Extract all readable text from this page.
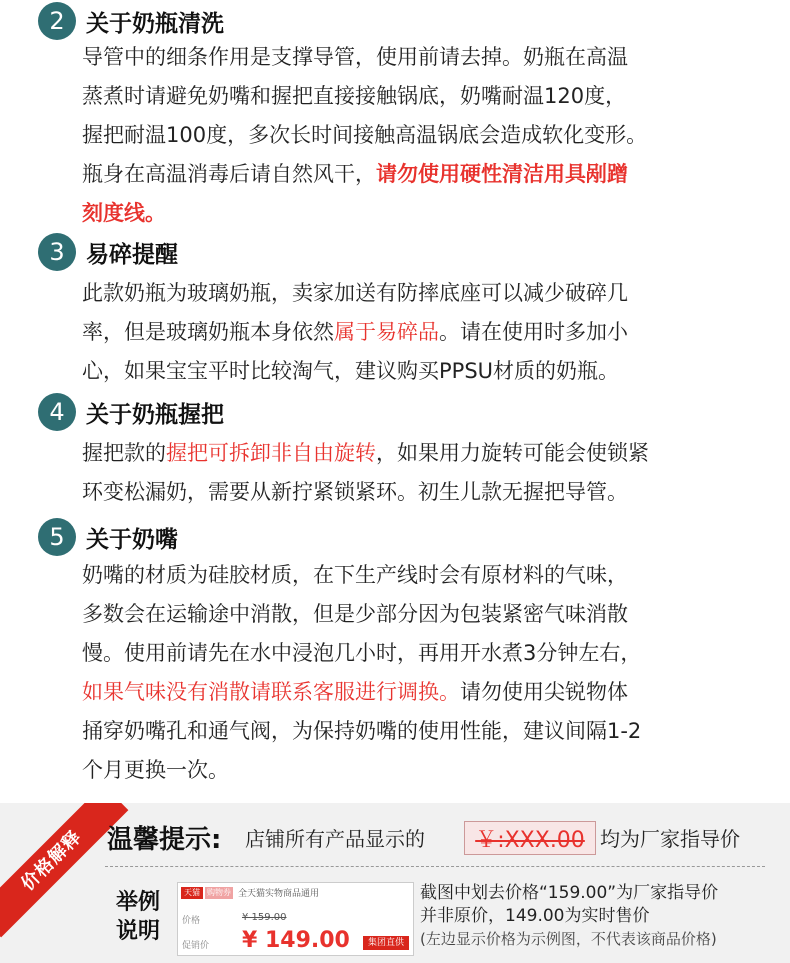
2 关于奶瓶清洗
导管中的细条作用是支撑导管，使用前请去掉。奶瓶在高温
蒸煮时请避免奶嘴和握把直接接触锅底，奶嘴耐温120度，
握把耐温100度，多次长时间接触高温锅底会造成软化变形。
瓶身在高温消毒后请自然风干，请勿使用硬性清洁用具剐蹭
刻度线。
3 易碎提醒
此款奶瓶为玻璃奶瓶，卖家加送有防摔底座可以减少破碎几
率，但是玻璃奶瓶本身依然属于易碎品。请在使用时多加小
心，如果宝宝平时比较淘气，建议购买PPSU材质的奶瓶。
4 关于奶瓶握把
握把款的握把可拆卸非自由旋转，如果用力旋转可能会使锁紧
环变松漏奶，需要从新拧紧锁紧环。初生儿款无握把导管。
5 关于奶嘴
奶嘴的材质为硅胶材质，在下生产线时会有原材料的气味，
多数会在运输途中消散，但是少部分因为包装紧密气味消散
慢。使用前请先在水中浸泡几小时，再用开水煮3分钟左右，
如果气味没有消散请联系客服进行调换。请勿使用尖锐物体
捅穿奶嘴孔和通气阀，为保持奶嘴的使用性能，建议间隔1-2
个月更换一次。
价格解释 温馨提示: 店铺所有产品显示的 ￥:XXX.00 均为厂家指导价
举例说明
天猫 购物券 全天猫实物商品通用
价格	¥ 159.00
促销价 ¥ 149.00	集团直供
截图中划去价格“159.00”为厂家指导价
并非原价，149.00为实时售价
(左边显示价格为示例图，不代表该商品价格)
